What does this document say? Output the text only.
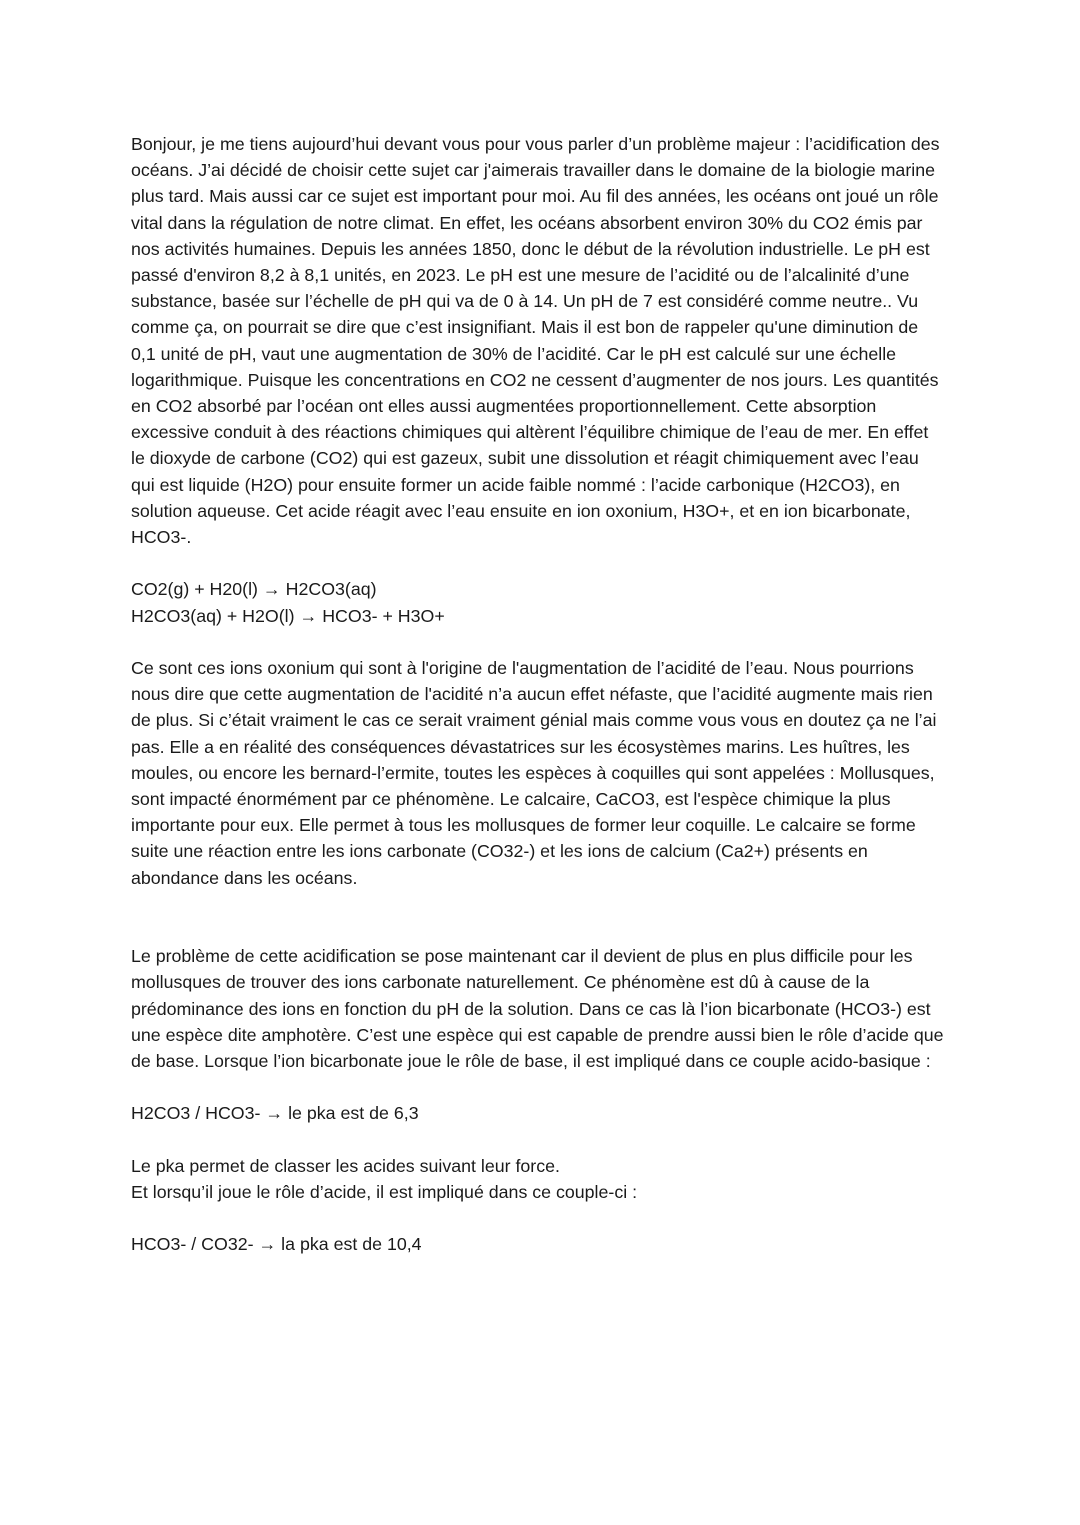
Bonjour, je me tiens aujourd’hui devant vous pour vous parler d’un problème majeur : l’acidification des océans. J’ai décidé de choisir cette sujet car j'aimerais travailler dans le domaine de la biologie marine plus tard. Mais aussi car ce sujet est important pour moi. Au fil des années, les océans ont joué un rôle vital dans la régulation de notre climat. En effet, les océans absorbent environ 30% du CO2 émis par nos activités humaines. Depuis les années 1850, donc le début de la révolution industrielle. Le pH est passé d'environ 8,2 à 8,1 unités, en 2023. Le pH est une mesure de l’acidité ou de l’alcalinité d’une substance, basée sur l’échelle de pH qui va de 0 à 14. Un pH de 7 est considéré comme neutre.. Vu comme ça, on pourrait se dire que c’est insignifiant. Mais il est bon de rappeler qu'une diminution de 0,1 unité de pH, vaut une augmentation de 30% de l’acidité. Car le pH est calculé sur une échelle logarithmique. Puisque les concentrations en CO2 ne cessent d’augmenter de nos jours. Les quantités en CO2 absorbé par l’océan ont elles aussi augmentées proportionnellement. Cette absorption excessive conduit à des réactions chimiques qui altèrent l’équilibre chimique de l’eau de mer. En effet le dioxyde de carbone (CO2) qui est gazeux, subit une dissolution et réagit chimiquement avec l’eau qui est liquide (H2O) pour ensuite former un acide faible nommé : l’acide carbonique (H2CO3), en solution aqueuse. Cet acide réagit avec l’eau ensuite en ion oxonium, H3O+, et en ion bicarbonate, HCO3-.

CO2(g) + H20(l) → H2CO3(aq)

H2CO3(aq) + H2O(l) → HCO3- + H3O+

Ce sont ces ions oxonium qui sont à l'origine de l'augmentation de l’acidité de l’eau. Nous pourrions nous dire que cette augmentation de l'acidité n’a aucun effet néfaste, que l’acidité augmente mais rien de plus. Si c’était vraiment le cas ce serait vraiment génial mais comme vous vous en doutez ça ne l’ai pas. Elle a en réalité des conséquences dévastatrices sur les écosystèmes marins. Les huîtres, les moules, ou encore les bernard-l’ermite, toutes les espèces à coquilles qui sont appelées : Mollusques, sont impacté énormément par ce phénomène. Le calcaire, CaCO3, est l'espèce chimique la plus importante pour eux. Elle permet à tous les mollusques de former leur coquille. Le calcaire se forme suite une réaction entre les ions carbonate (CO32-) et les ions de calcium (Ca2+) présents en abondance dans les océans.

Le problème de cette acidification se pose maintenant car il devient de plus en plus difficile pour les mollusques de trouver des ions carbonate naturellement. Ce phénomène est dû à cause de la prédominance des ions en fonction du pH de la solution. Dans ce cas là l’ion bicarbonate (HCO3-) est une espèce dite amphotère. C’est une espèce qui est capable de prendre aussi bien le rôle d’acide que de base. Lorsque l’ion bicarbonate joue le rôle de base, il est impliqué dans ce couple acido-basique :

H2CO3 / HCO3- → le pka est de 6,3

Le pka permet de classer les acides suivant leur force.

Et lorsqu’il joue le rôle d’acide, il est impliqué dans ce couple-ci :

HCO3- / CO32- → la pka est de 10,4
